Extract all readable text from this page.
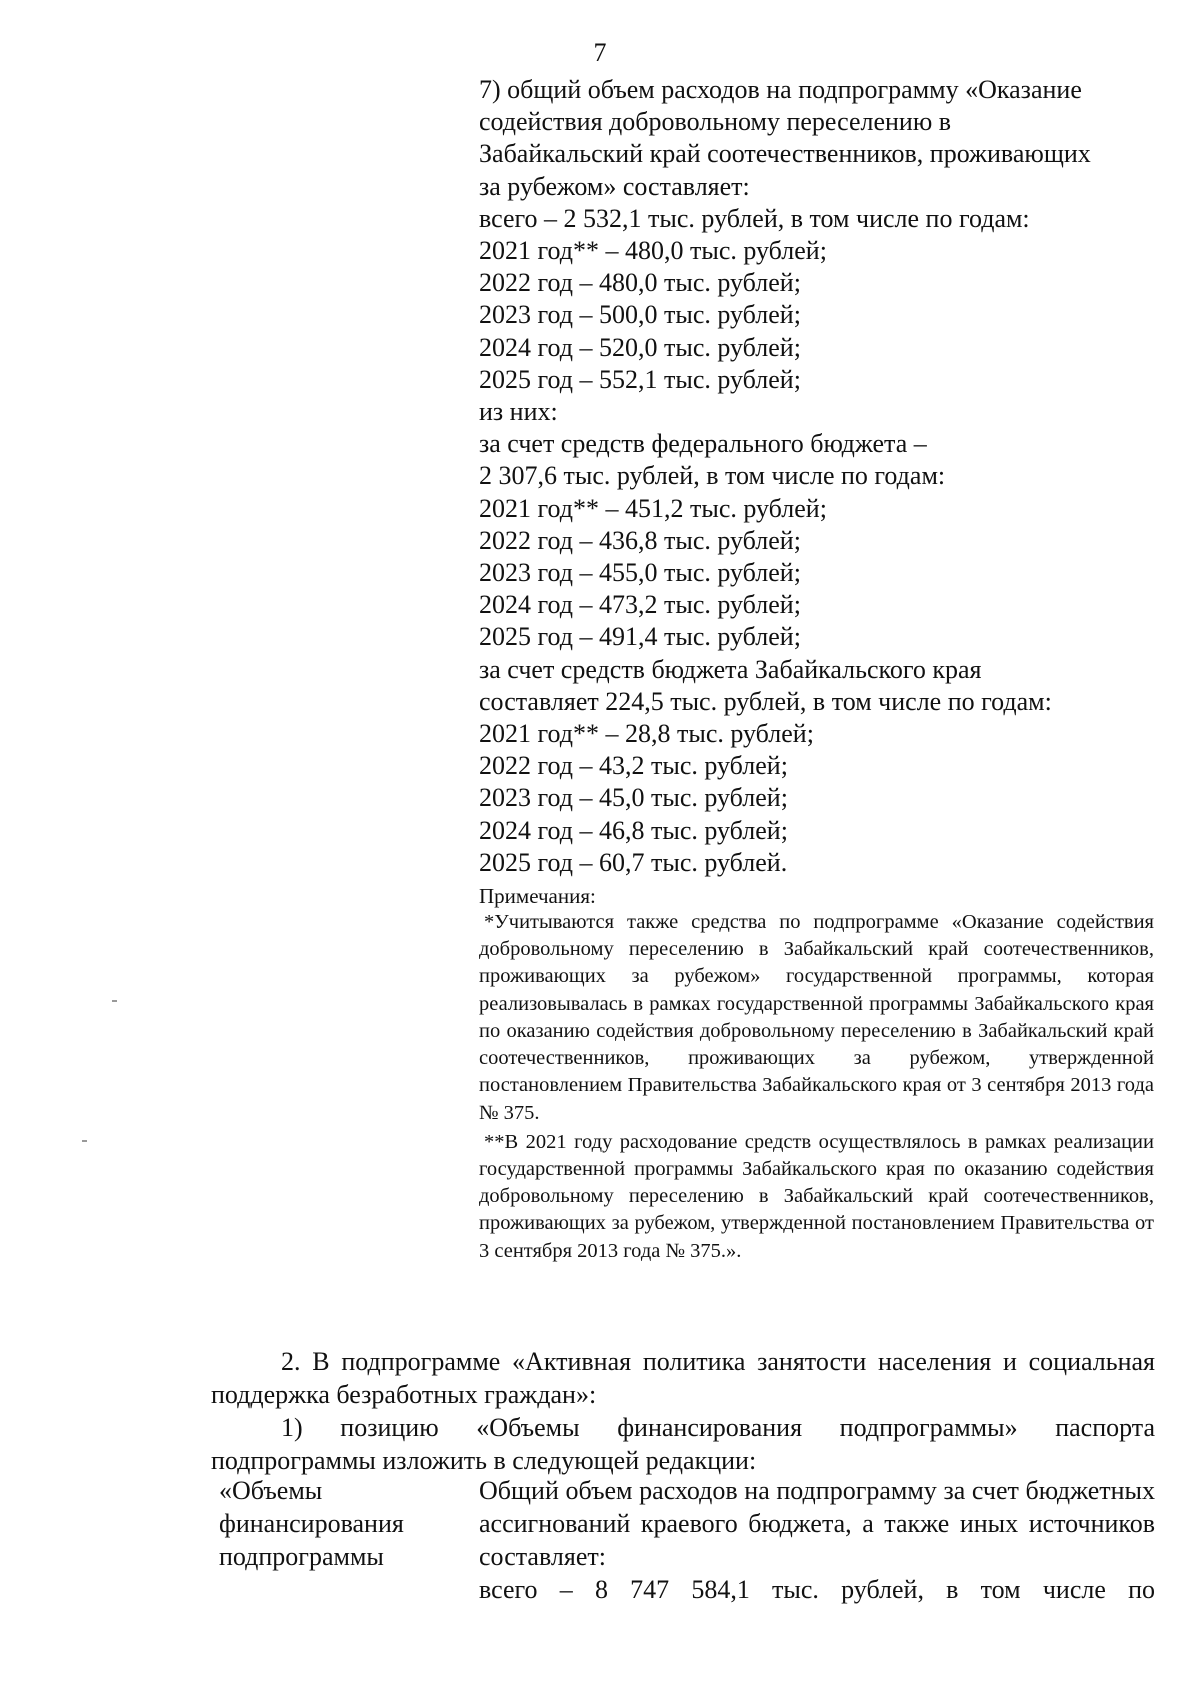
7
7) общий объем расходов на подпрограмму «Оказание
содействия добровольному переселению в
Забайкальский край соотечественников, проживающих
за рубежом» составляет:
всего – 2 532,1 тыс. рублей, в том числе по годам:
2021 год** – 480,0 тыс. рублей;
2022 год – 480,0 тыс. рублей;
2023 год – 500,0 тыс. рублей;
2024 год – 520,0 тыс. рублей;
2025 год – 552,1 тыс. рублей;
из них:
за счет средств федерального бюджета –
2 307,6 тыс. рублей, в том числе по годам:
2021 год** – 451,2 тыс. рублей;
2022 год – 436,8 тыс. рублей;
2023 год – 455,0 тыс. рублей;
2024 год – 473,2 тыс. рублей;
2025 год – 491,4 тыс. рублей;
за счет средств бюджета Забайкальского края
составляет 224,5 тыс. рублей, в том числе по годам:
2021 год** – 28,8 тыс. рублей;
2022 год – 43,2 тыс. рублей;
2023 год – 45,0 тыс. рублей;
2024 год – 46,8 тыс. рублей;
2025 год – 60,7 тыс. рублей.
Примечания:
*Учитываются также средства по подпрограмме «Оказание содействия добровольному переселению в Забайкальский край соотечественников, проживающих за рубежом» государственной программы, которая реализовывалась в рамках государственной программы Забайкальского края по оказанию содействия добровольному переселению в Забайкальский край соотечественников, проживающих за рубежом, утвержденной постановлением Правительства Забайкальского края от 3 сентября 2013 года № 375.
**В 2021 году расходование средств осуществлялось в рамках реализации государственной программы Забайкальского края по оказанию содействия добровольному переселению в Забайкальский край соотечественников, проживающих за рубежом, утвержденной постановлением Правительства от 3 сентября 2013 года № 375.».
2. В подпрограмме «Активная политика занятости населения и социальная поддержка безработных граждан»:
1) позицию «Объемы финансирования подпрограммы» паспорта подпрограммы изложить в следующей редакции:
«Объемы
финансирования
подпрограммы
Общий объем расходов на подпрограмму за счет бюджетных ассигнований краевого бюджета, а также иных источников составляет:
всего – 8 747 584,1 тыс. рублей, в том числе по
